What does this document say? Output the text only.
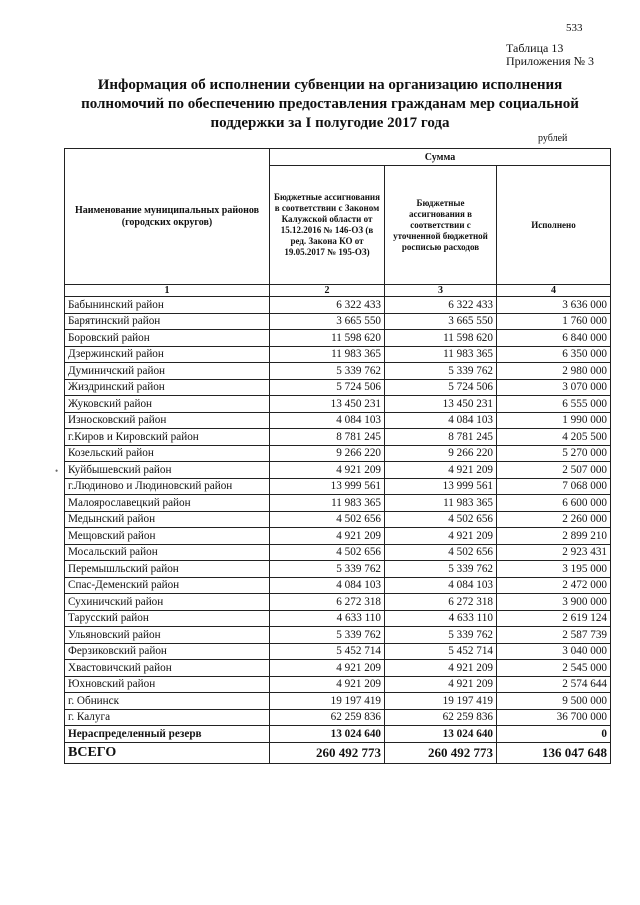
533
Таблица 13
Приложения № 3
Информация об исполнении субвенции на организацию исполнения полномочий по обеспечению предоставления гражданам мер социальной поддержки за I полугодие 2017 года
рублей
•
Наименование муниципальных районов (городских округов)	Сумма		
	Бюджетные ассигнования в соответствии с Законом Калужской области от 15.12.2016 № 146-ОЗ (в ред. Закона КО от 19.05.2017 № 195-ОЗ)	Бюджетные ассигнования в соответствии с уточненной бюджетной росписью расходов	Исполнено
1	2	3	4
Бабынинский район	6 322 433	6 322 433	3 636 000
Барятинский район	3 665 550	3 665 550	1 760 000
Боровский район	11 598 620	11 598 620	6 840 000
Дзержинский район	11 983 365	11 983 365	6 350 000
Думиничский район	5 339 762	5 339 762	2 980 000
Жиздринский район	5 724 506	5 724 506	3 070 000
Жуковский район	13 450 231	13 450 231	6 555 000
Износковский район	4 084 103	4 084 103	1 990 000
г.Киров и Кировский район	8 781 245	8 781 245	4 205 500
Козельский район	9 266 220	9 266 220	5 270 000
Куйбышевский район	4 921 209	4 921 209	2 507 000
г.Людиново и Людиновский район	13 999 561	13 999 561	7 068 000
Малоярославецкий район	11 983 365	11 983 365	6 600 000
Медынский район	4 502 656	4 502 656	2 260 000
Мещовский район	4 921 209	4 921 209	2 899 210
Мосальский район	4 502 656	4 502 656	2 923 431
Перемышльский район	5 339 762	5 339 762	3 195 000
Спас-Деменский район	4 084 103	4 084 103	2 472 000
Сухиничский район	6 272 318	6 272 318	3 900 000
Тарусский район	4 633 110	4 633 110	2 619 124
Ульяновский район	5 339 762	5 339 762	2 587 739
Ферзиковский район	5 452 714	5 452 714	3 040 000
Хвастовичский район	4 921 209	4 921 209	2 545 000
Юхновский район	4 921 209	4 921 209	2 574 644
г. Обнинск	19 197 419	19 197 419	9 500 000
г. Калуга	62 259 836	62 259 836	36 700 000
Нераспределенный резерв	13 024 640	13 024 640	0
ВСЕГО	260 492 773	260 492 773	136 047 648
